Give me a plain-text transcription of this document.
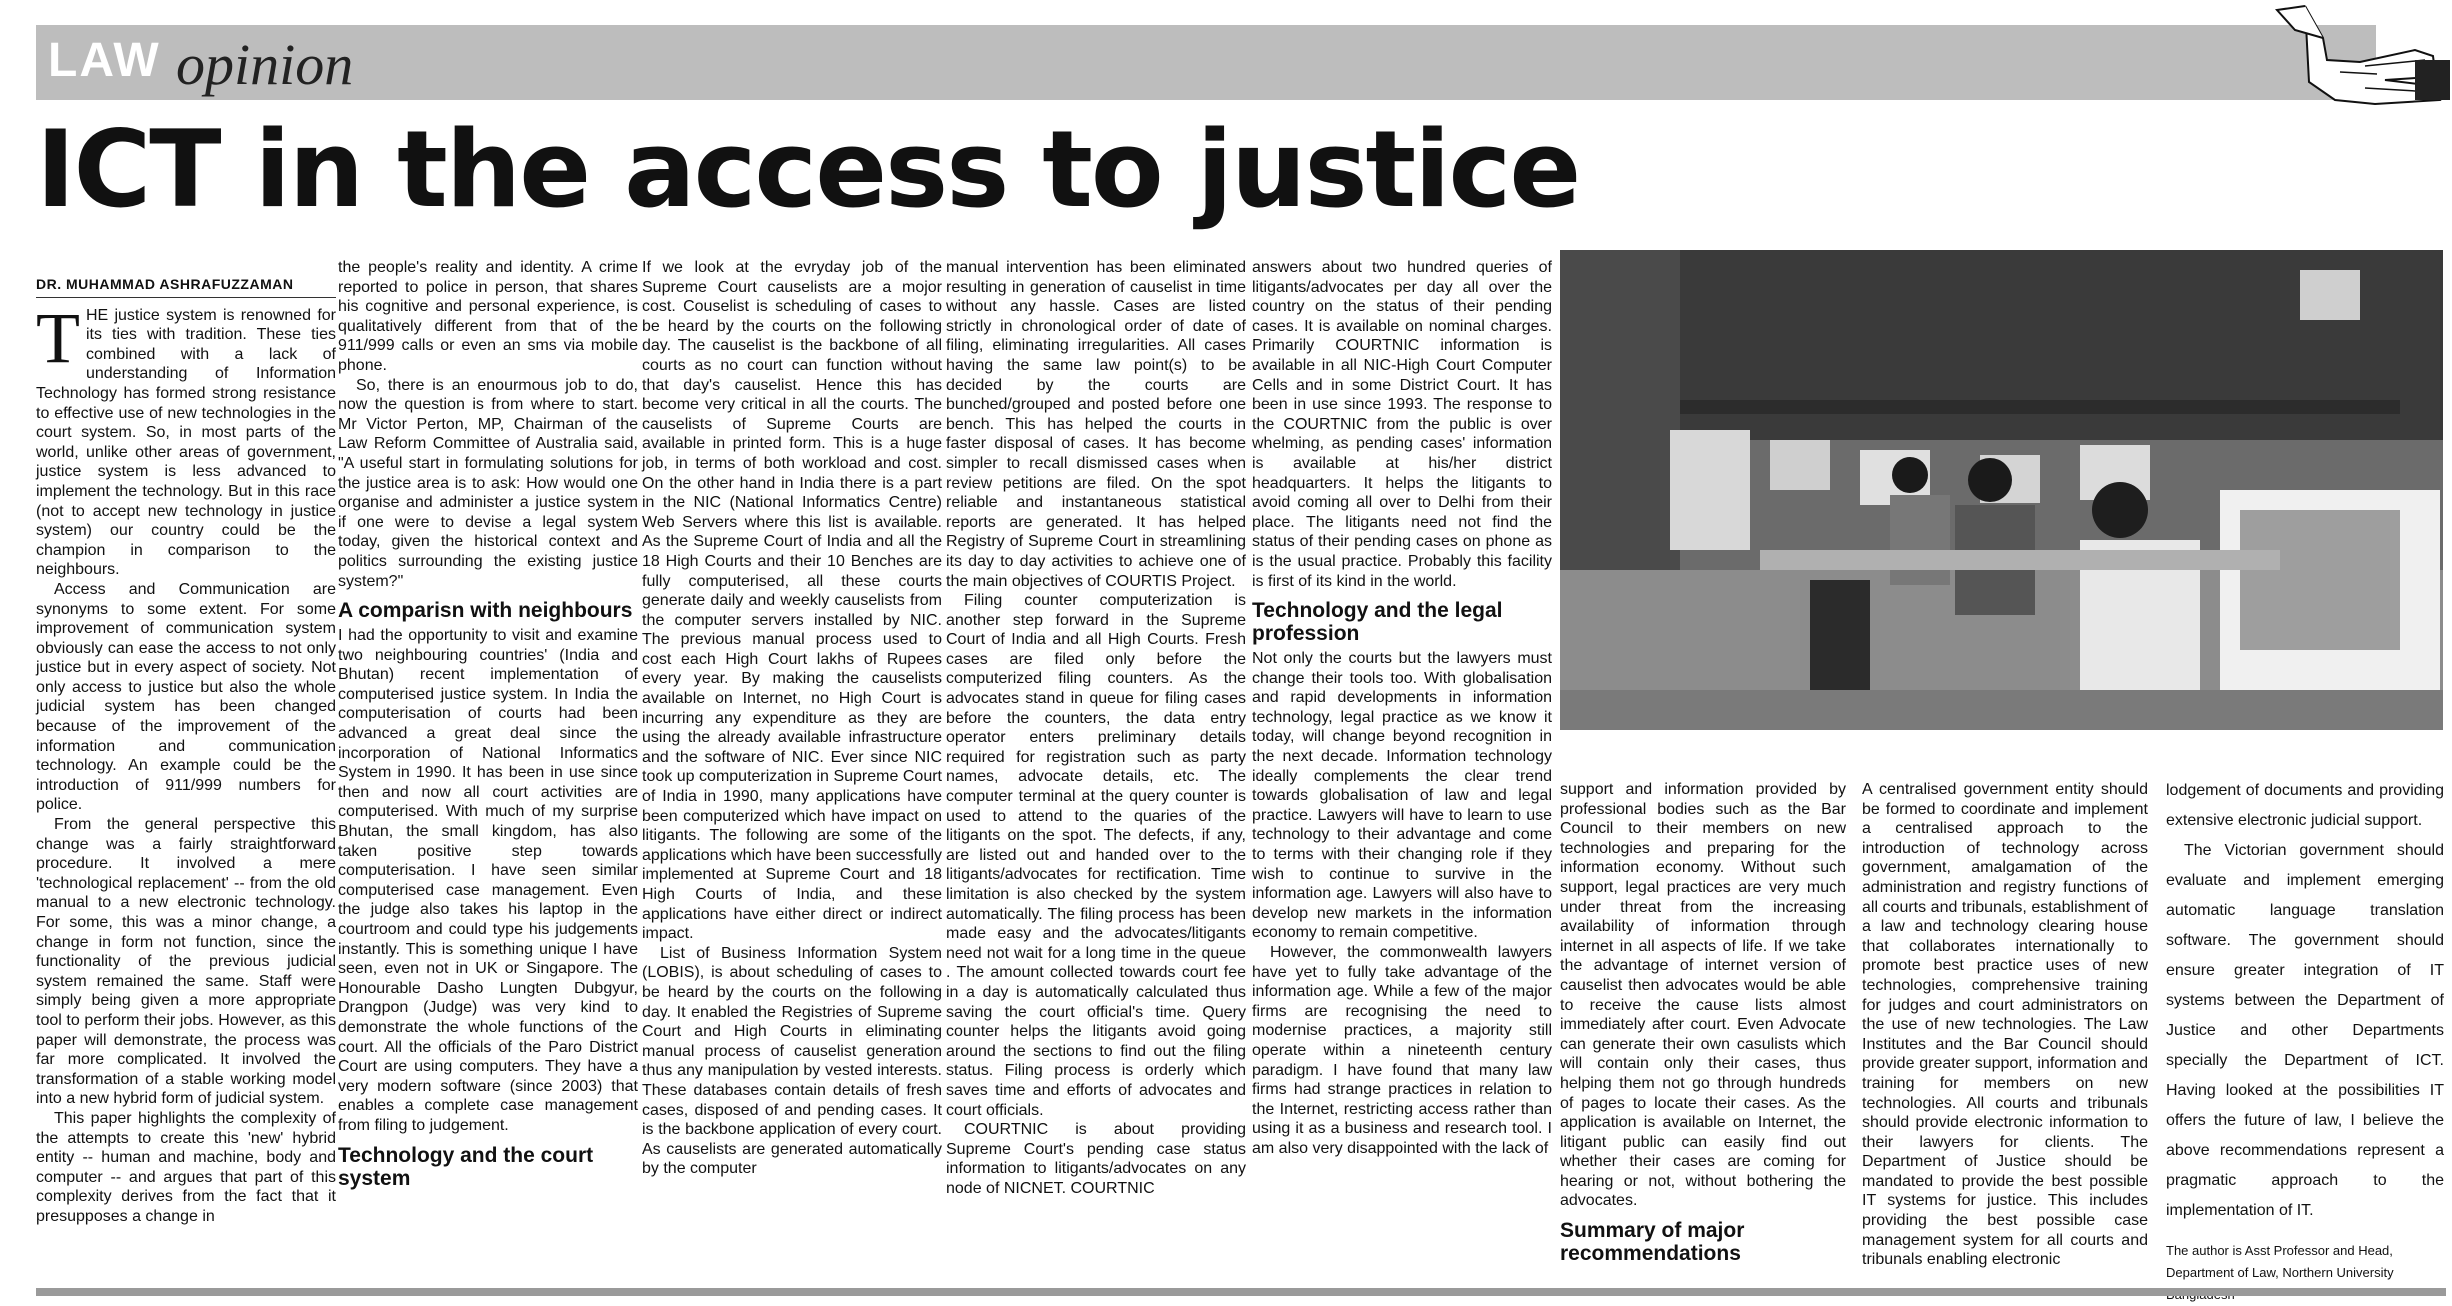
LAW opinion
ICT in the access to justice
DR. MUHAMMAD ASHRAFUZZAMAN
T HE justice system is renowned for its ties with tradition. These ties combined with a lack of understanding of Information Technology has formed strong resistance to effective use of new technologies in the court system. So, in most parts of the world, unlike other areas of government, justice system is less advanced to implement the technology. But in this race (not to accept new technology in justice system) our country could be the champion in comparison to the neighbours.

Access and Communication are synonyms to some extent. For some improvement of communication system obviously can ease the access to not only justice but in every aspect of society. Not only access to justice but also the whole judicial system has been changed because of the improvement of the information and communication technology. An example could be the introduction of 911/999 numbers for police.

From the general perspective this change was a fairly straightforward procedure. It involved a mere 'technological replacement' -- from the old manual to a new electronic technology. For some, this was a minor change, a change in form not function, since the functionality of the previous judicial system remained the same. Staff were simply being given a more appropriate tool to perform their jobs. However, as this paper will demonstrate, the process was far more complicated. It involved the transformation of a stable working model into a new hybrid form of judicial system.

This paper highlights the complexity of the attempts to create this 'new' hybrid entity -- human and machine, body and computer -- and argues that part of this complexity derives from the fact that it presupposes a change in

the people's reality and identity. A crime reported to police in person, that shares his cognitive and personal experience, is qualitatively different from that of the 911/999 calls or even an sms via mobile phone.

So, there is an enourmous job to do, now the question is from where to start. Mr Victor Perton, MP, Chairman of the Law Reform Committee of Australia said, "A useful start in formulating solutions for the justice area is to ask: How would one organise and administer a justice system if one were to devise a legal system today, given the historical context and politics surrounding the existing justice system?"

A comparisn with neighbours

I had the opportunity to visit and examine two neighbouring countries' (India and Bhutan) recent implementation of computerised justice system. In India the computerisation of courts had been advanced a great deal since the incorporation of National Informatics System in 1990. It has been in use since then and now all court activities are computerised. With much of my surprise Bhutan, the small kingdom, has also taken positive step towards computerisation. I have seen similar computerised case management. Even the judge also takes his laptop in the courtroom and could type his judgements instantly. This is something unique I have seen, even not in UK or Singapore. The Honourable Dasho Lungten Dubgyur, Drangpon (Judge) was very kind to demonstrate the whole functions of the court. All the officials of the Paro District Court are using computers. They have a very modern software (since 2003) that enables a complete case management from filing to judgement.

Technology and the court system

If we look at the evryday job of the Supreme Court causelists are a mojor cost. Couselist is scheduling of cases to be heard by the courts on the following day. The causelist is the backbone of all courts as no court can function without that day's causelist. Hence this has become very critical in all the courts. The causelists of Supreme Courts are available in printed form. This is a huge job, in terms of both workload and cost. On the other hand in India there is a part in the NIC (National Informatics Centre) Web Servers where this list is available. As the Supreme Court of India and all the 18 High Courts and their 10 Benches are fully computerised, all these courts generate daily and weekly causelists from the computer servers installed by NIC. The previous manual process used to cost each High Court lakhs of Rupees every year. By making the causelists available on Internet, no High Court is incurring any expenditure as they are using the already available infrastructure and the software of NIC. Ever since NIC took up computerization in Supreme Court of India in 1990, many applications have been computerized which have impact on litigants. The following are some of the applications which have been successfully implemented at Supreme Court and 18 High Courts of India, and these applications have either direct or indirect impact.

List of Business Information System (LOBIS), is about scheduling of cases to be heard by the courts on the following day. It enabled the Registries of Supreme Court and High Courts in eliminating manual process of causelist generation thus any manipulation by vested interests. These databases contain details of fresh cases, disposed of and pending cases. It is the backbone application of every court. As causelists are generated automatically by the computer

manual intervention has been eliminated resulting in generation of causelist in time without any hassle. Cases are listed strictly in chronological order of date of filing, eliminating irregularities. All cases having the same law point(s) to be decided by the courts are bunched/grouped and posted before one bench. This has helped the courts in faster disposal of cases. It has become simpler to recall dismissed cases when review petitions are filed. On the spot reliable and instantaneous statistical reports are generated. It has helped Registry of Supreme Court in streamlining its day to day activities to achieve one of the main objectives of COURTIS Project.

Filing counter computerization is another step forward in the Supreme Court of India and all High Courts. Fresh cases are filed only before the computerized filing counters. As the advocates stand in queue for filing cases before the counters, the data entry operator enters preliminary details required for registration such as party names, advocate details, etc. The computer terminal at the query counter is used to attend to the quaries of the litigants on the spot. The defects, if any, are listed out and handed over to the litigants/advocates for rectification. Time limitation is also checked by the system automatically. The filing process has been made easy and the advocates/litigants need not wait for a long time in the queue . The amount collected towards court fee in a day is automatically calculated thus saving the court official's time. Query counter helps the litigants avoid going around the sections to find out the filing status. Filing process is orderly which saves time and efforts of advocates and court officials.

COURTNIC is about providing Supreme Court's pending case status information to litigants/advocates on any node of NICNET. COURTNIC

answers about two hundred queries of litigants/advocates per day all over the country on the status of their pending cases. It is available on nominal charges. Primarily COURTNIC information is available in all NIC-High Court Computer Cells and in some District Court. It has been in use since 1993. The response to the COURTNIC from the public is over whelming, as pending cases' information is available at his/her district headquarters. It helps the litigants to avoid coming all over to Delhi from their place. The litigants need not find the status of their pending cases on phone as is the usual practice. Probably this facility is first of its kind in the world.

Technology and the legal profession

Not only the courts but the lawyers must change their tools too. With globalisation and rapid developments in information technology, legal practice as we know it today, will change beyond recognition in the next decade. Information technology ideally complements the clear trend towards globalisation of law and legal practice. Lawyers will have to learn to use technology to their advantage and come to terms with their changing role if they wish to continue to survive in the information age. Lawyers will also have to develop new markets in the information economy to remain competitive.

However, the commonwealth lawyers have yet to fully take advantage of the information age. While a few of the major firms are recognising the need to modernise practices, a majority still operate within a nineteenth century paradigm. I have found that many law firms had strange practices in relation to the Internet, restricting access rather than using it as a business and research tool. I am also very disappointed with the lack of

support and information provided by professional bodies such as the Bar Council to their members on new technologies and preparing for the information economy. Without such support, legal practices are very much under threat from the increasing availability of information through internet in all aspects of life. If we take the advantage of internet version of causelist then advocates would be able to receive the cause lists almost immediately after court. Even Advocate can generate their own casulists which will contain only their cases, thus helping them not go through hundreds of pages to locate their cases. As the application is available on Internet, the litigant public can easily find out whether their cases are coming for hearing or not, without bothering the advocates.

Summary of major recommendations

A centralised government entity should be formed to coordinate and implement a centralised approach to the introduction of technology across government, amalgamation of the administration and registry functions of all courts and tribunals, establishment of a law and technology clearing house that collaborates internationally to promote best practice uses of new technologies, comprehensive training for judges and court administrators on the use of new technologies. The Law Institutes and the Bar Council should provide greater support, information and training for members on new technologies. All courts and tribunals should provide electronic information to their lawyers for clients. The Department of Justice should be mandated to provide the best possible IT systems for justice. This includes providing the best possible case management system for all courts and tribunals enabling electronic

lodgement of documents and providing extensive electronic judicial support.

The Victorian government should evaluate and implement emerging automatic language translation software. The government should ensure greater integration of IT systems between the Department of Justice and other Departments specially the Department of ICT. Having looked at the possibilities IT offers the future of law, I believe the above recommendations represent a pragmatic approach to the implementation of IT.

The author is Asst Professor and Head, Department of Law, Northern University
